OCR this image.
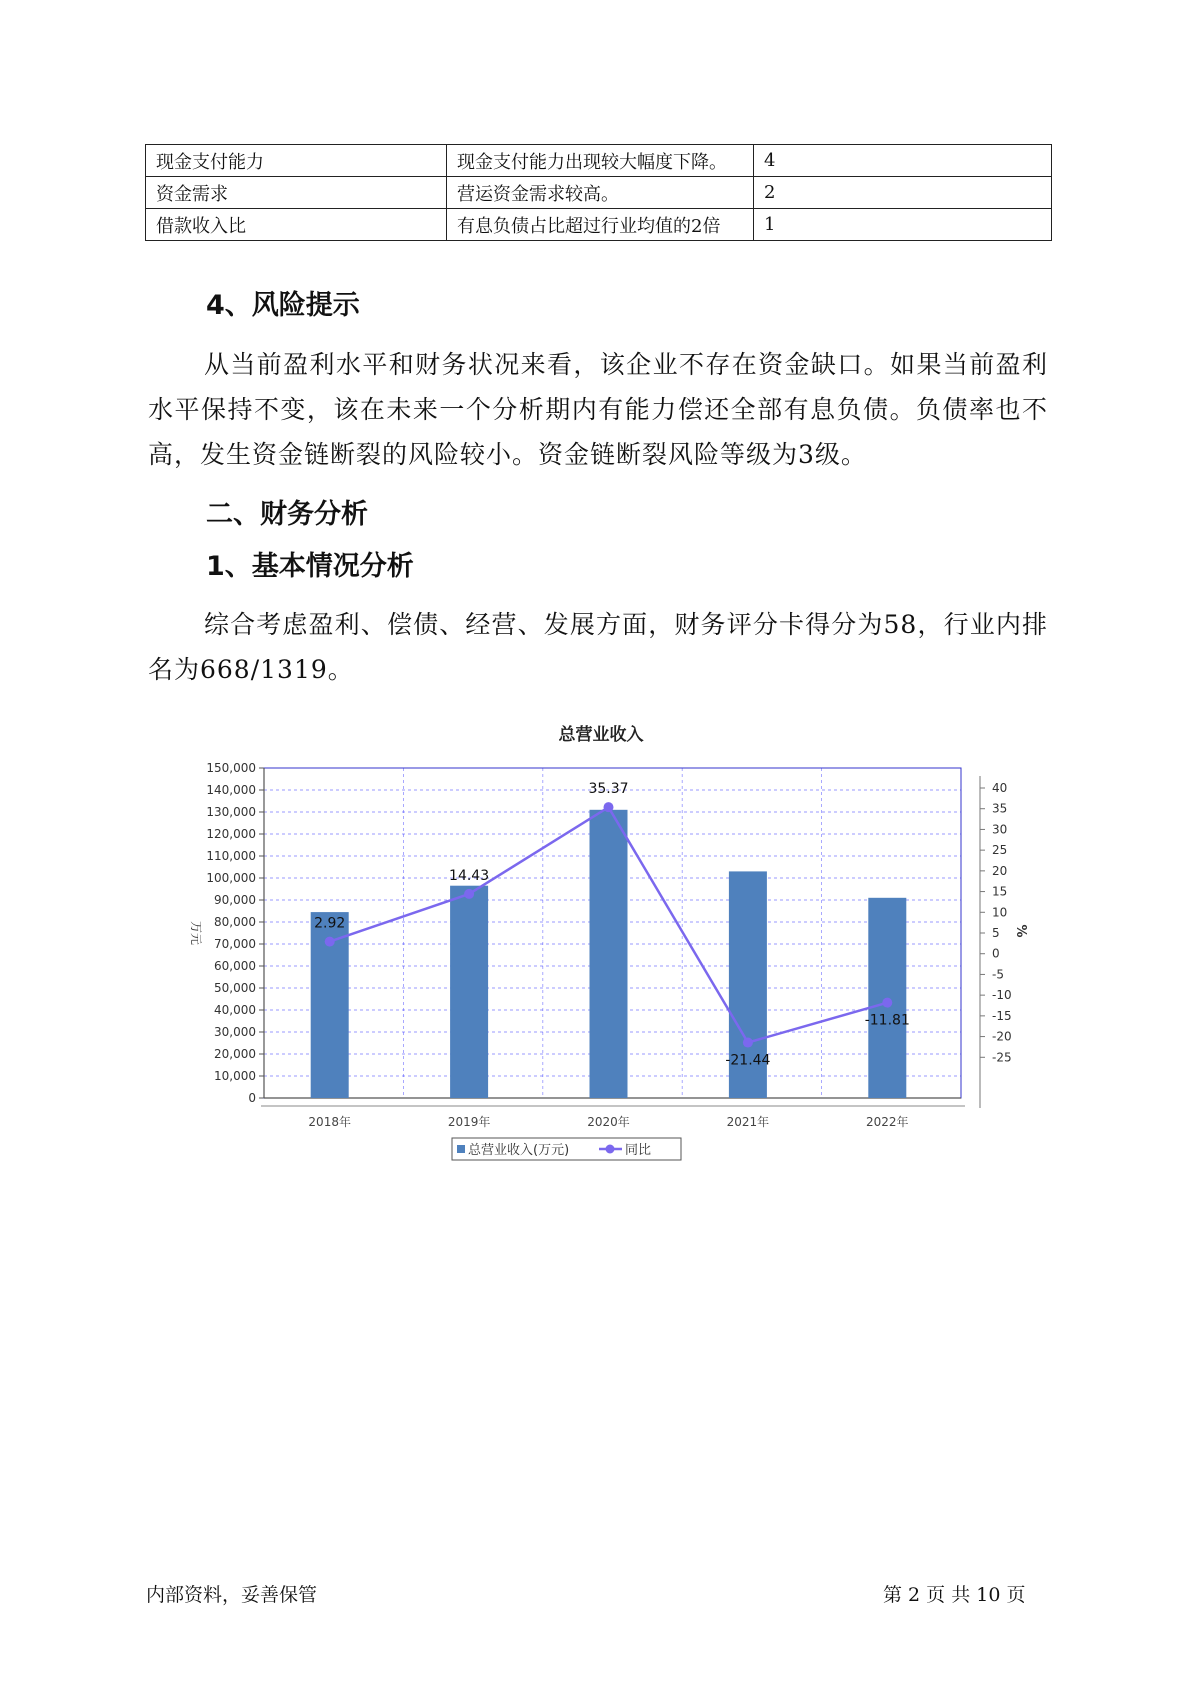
现金支付能力	现金支付能力出现较大幅度下降。	4
资金需求	营运资金需求较高。	2
借款收入比	有息负债占比超过行业均值的2倍	1
4、风险提示

从当前盈利水平和财务状况来看，该企业不存在资金缺口。如果当前盈利水平保持不变，该在未来一个分析期内有能力偿还全部有息负债。负债率也不高，发生资金链断裂的风险较小。资金链断裂风险等级为3级。

二、财务分析
1、基本情况分析

综合考虑盈利、偿债、经营、发展方面，财务评分卡得分为58，行业内排名为668/1319。

总营业收入
150,000
140,000
130,000
120,000
110,000
100,000
90,000
80,000
70,000
60,000
50,000
40,000
30,000
20,000
10,000
0
40
35
30
25
20
15
10
5
0
-5
-10
-15
-20
-25
万元	%
2018年	2019年	2020年	2021年	2022年
2.92
14.43
35.37
-21.44
-11.81
总营业收入(万元)	同比
内部资料，妥善保管	第 2 页 共 10 页
